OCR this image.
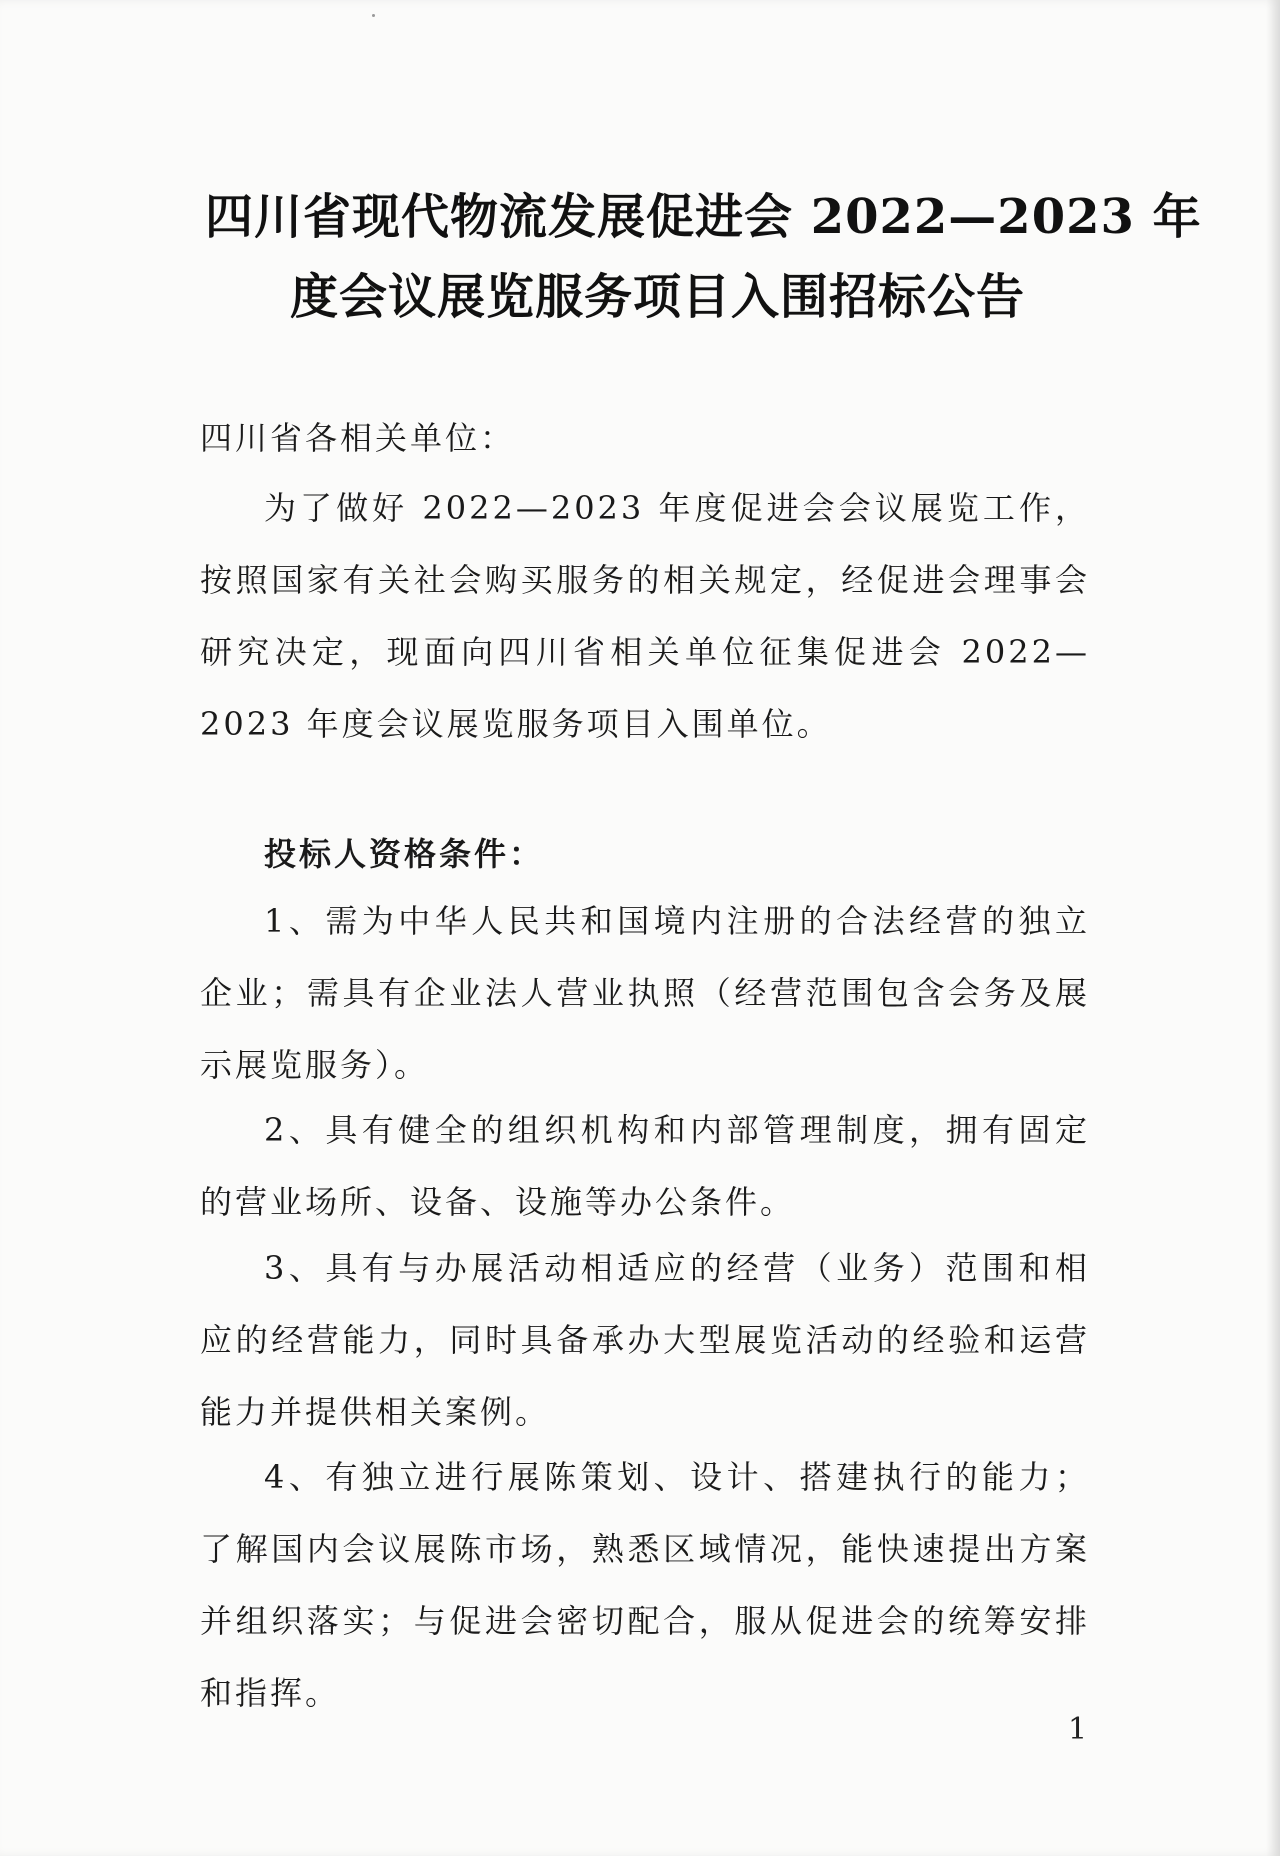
四川省现代物流发展促进会 2022—2023 年
度会议展览服务项目入围招标公告
四川省各相关单位：
为了做好 2022—2023 年度促进会会议展览工作，按照国家有关社会购买服务的相关规定，经促进会理事会研究决定，现面向四川省相关单位征集促进会 2022—2023 年度会议展览服务项目入围单位。
投标人资格条件：
1、需为中华人民共和国境内注册的合法经营的独立企业；需具有企业法人营业执照（经营范围包含会务及展示展览服务）。
2、具有健全的组织机构和内部管理制度，拥有固定的营业场所、设备、设施等办公条件。
3、具有与办展活动相适应的经营（业务）范围和相应的经营能力，同时具备承办大型展览活动的经验和运营能力并提供相关案例。
4、有独立进行展陈策划、设计、搭建执行的能力；了解国内会议展陈市场，熟悉区域情况，能快速提出方案并组织落实；与促进会密切配合，服从促进会的统筹安排和指挥。
1
